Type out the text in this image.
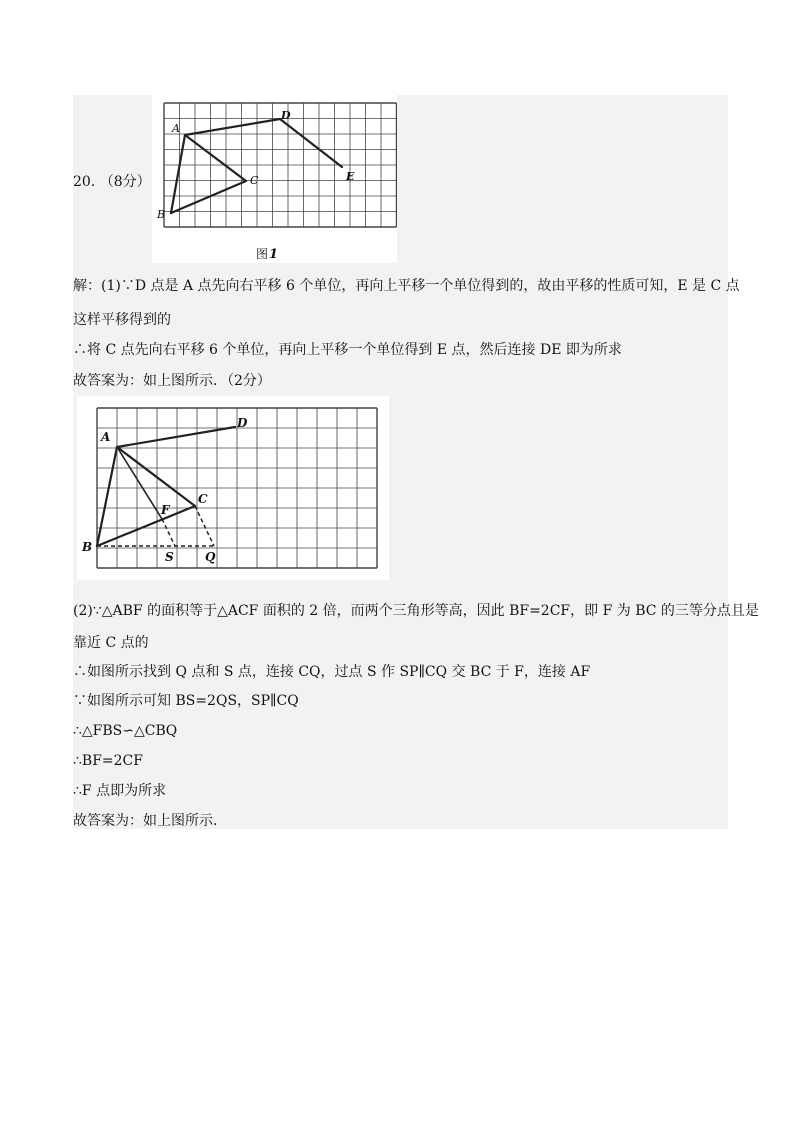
20. （8分）
A
B
C
D
E
图 1
解：(1)∵D 点是 A 点先向右平移 6 个单位，再向上平移一个单位得到的，故由平移的性质可知，E 是 C 点
这样平移得到的
∴将 C 点先向右平移 6 个单位，再向上平移一个单位得到 E 点，然后连接 DE 即为所求
故答案为：如上图所示．（2分）
A
B
C
D
F
S	Q
(2)∵△ABF 的面积等于△ACF 面积的 2 倍，而两个三角形等高，因此 BF=2CF，即 F 为 BC 的三等分点且是
靠近 C 点的
∴如图所示找到 Q 点和 S 点，连接 CQ，过点 S 作 SP∥CQ 交 BC 于 F，连接 AF
∵如图所示可知 BS=2QS，SP∥CQ
∴△FBS∽△CBQ
∴BF=2CF
∴F 点即为所求
故答案为：如上图所示．
